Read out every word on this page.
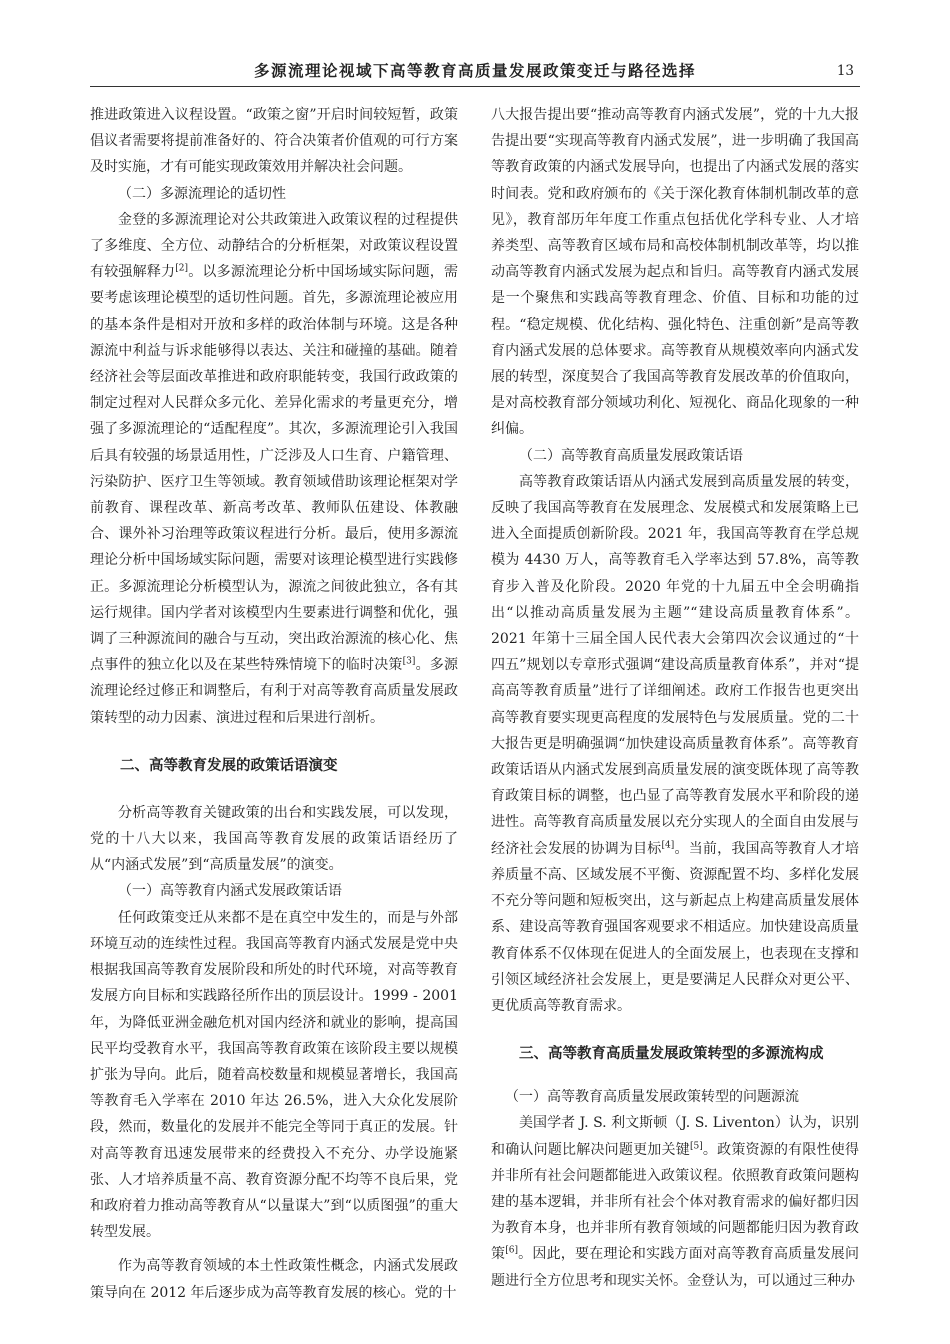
多源流理论视域下高等教育高质量发展政策变迁与路径选择	13

推进政策进入议程设置。“政策之窗”开启时间较短暂，政策倡议者需要将提前准备好的、符合决策者价值观的可行方案及时实施，才有可能实现政策效用并解决社会问题。

（二）多源流理论的适切性

金登的多源流理论对公共政策进入政策议程的过程提供了多维度、全方位、动静结合的分析框架，对政策议程设置有较强解释力[2]。以多源流理论分析中国场域实际问题，需要考虑该理论模型的适切性问题。首先，多源流理论被应用的基本条件是相对开放和多样的政治体制与环境。这是各种源流中利益与诉求能够得以表达、关注和碰撞的基础。随着经济社会等层面改革推进和政府职能转变，我国行政政策的制定过程对人民群众多元化、差异化需求的考量更充分，增强了多源流理论的“适配程度”。其次，多源流理论引入我国后具有较强的场景适用性，广泛涉及人口生育、户籍管理、污染防护、医疗卫生等领域。教育领域借助该理论框架对学前教育、课程改革、新高考改革、教师队伍建设、体教融合、课外补习治理等政策议程进行分析。最后，使用多源流理论分析中国场域实际问题，需要对该理论模型进行实践修正。多源流理论分析模型认为，源流之间彼此独立，各有其运行规律。国内学者对该模型内生要素进行调整和优化，强调了三种源流间的融合与互动，突出政治源流的核心化、焦点事件的独立化以及在某些特殊情境下的临时决策[3]。多源流理论经过修正和调整后，有利于对高等教育高质量发展政策转型的动力因素、演进过程和后果进行剖析。

二、高等教育发展的政策话语演变

分析高等教育关键政策的出台和实践发展，可以发现，党的十八大以来，我国高等教育发展的政策话语经历了从“内涵式发展”到“高质量发展”的演变。

（一）高等教育内涵式发展政策话语

任何政策变迁从来都不是在真空中发生的，而是与外部环境互动的连续性过程。我国高等教育内涵式发展是党中央根据我国高等教育发展阶段和所处的时代环境，对高等教育发展方向目标和实践路径所作出的顶层设计。1999 - 2001 年，为降低亚洲金融危机对国内经济和就业的影响，提高国民平均受教育水平，我国高等教育政策在该阶段主要以规模扩张为导向。此后，随着高校数量和规模显著增长，我国高等教育毛入学率在 2010 年达 26.5%，进入大众化发展阶段，然而，数量化的发展并不能完全等同于真正的发展。针对高等教育迅速发展带来的经费投入不充分、办学设施紧张、人才培养质量不高、教育资源分配不均等不良后果，党和政府着力推动高等教育从“以量谋大”到“以质图强”的重大转型发展。

作为高等教育领域的本土性政策性概念，内涵式发展政策导向在 2012 年后逐步成为高等教育发展的核心。党的十

八大报告提出要“推动高等教育内涵式发展”，党的十九大报告提出要“实现高等教育内涵式发展”，进一步明确了我国高等教育政策的内涵式发展导向，也提出了内涵式发展的落实时间表。党和政府颁布的《关于深化教育体制机制改革的意见》，教育部历年年度工作重点包括优化学科专业、人才培养类型、高等教育区域布局和高校体制机制改革等，均以推动高等教育内涵式发展为起点和旨归。高等教育内涵式发展是一个聚焦和实践高等教育理念、价值、目标和功能的过程。“稳定规模、优化结构、强化特色、注重创新”是高等教育内涵式发展的总体要求。高等教育从规模效率向内涵式发展的转型，深度契合了我国高等教育发展改革的价值取向，是对高校教育部分领域功利化、短视化、商品化现象的一种纠偏。

（二）高等教育高质量发展政策话语

高等教育政策话语从内涵式发展到高质量发展的转变，反映了我国高等教育在发展理念、发展模式和发展策略上已进入全面提质创新阶段。2021 年，我国高等教育在学总规模为 4430 万人，高等教育毛入学率达到 57.8%，高等教育步入普及化阶段。2020 年党的十九届五中全会明确指出“以推动高质量发展为主题”“建设高质量教育体系”。2021 年第十三届全国人民代表大会第四次会议通过的“十四五”规划以专章形式强调“建设高质量教育体系”，并对“提高高等教育质量”进行了详细阐述。政府工作报告也更突出高等教育要实现更高程度的发展特色与发展质量。党的二十大报告更是明确强调“加快建设高质量教育体系”。高等教育政策话语从内涵式发展到高质量发展的演变既体现了高等教育政策目标的调整，也凸显了高等教育发展水平和阶段的递进性。高等教育高质量发展以充分实现人的全面自由发展与经济社会发展的协调为目标[4]。当前，我国高等教育人才培养质量不高、区域发展不平衡、资源配置不均、多样化发展不充分等问题和短板突出，这与新起点上构建高质量发展体系、建设高等教育强国客观要求不相适应。加快建设高质量教育体系不仅体现在促进人的全面发展上，也表现在支撑和引领区域经济社会发展上，更是要满足人民群众对更公平、更优质高等教育需求。

三、高等教育高质量发展政策转型的多源流构成

（一）高等教育高质量发展政策转型的问题源流

美国学者 J. S. 利文斯顿（J. S. Liventon）认为，识别和确认问题比解决问题更加关键[5]。政策资源的有限性使得并非所有社会问题都能进入政策议程。依照教育政策问题构建的基本逻辑，并非所有社会个体对教育需求的偏好都归因为教育本身，也并非所有教育领域的问题都能归因为教育政策[6]。因此，要在理论和实践方面对高等教育高质量发展问题进行全方位思考和现实关怀。金登认为，可以通过三种办
